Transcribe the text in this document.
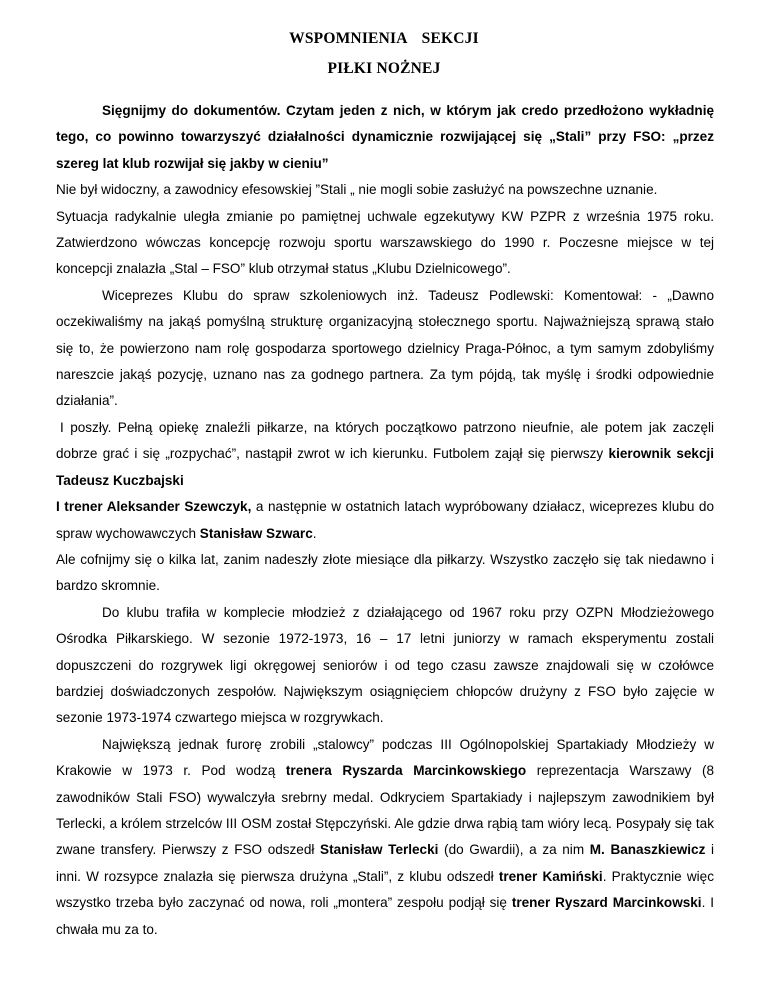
WSPOMNIENIA SEKCJI
PIŁKI NOŻNEJ

Sięgnijmy do dokumentów. Czytam jeden z nich, w którym jak credo przedłożono wykładnię tego, co powinno towarzyszyć działalności dynamicznie rozwijającej się „Stali” przy FSO: „przez szereg lat klub rozwijał się jakby w cieniu”

Nie był widoczny, a zawodnicy efesowskiej ”Stali „ nie mogli sobie zasłużyć na powszechne uznanie.

Sytuacja radykalnie uległa zmianie po pamiętnej uchwale egzekutywy KW PZPR z września 1975 roku. Zatwierdzono wówczas koncepcję rozwoju sportu warszawskiego do 1990 r. Poczesne miejsce w tej koncepcji znalazła „Stal – FSO” klub otrzymał status „Klubu Dzielnicowego”.

Wiceprezes Klubu do spraw szkoleniowych inż. Tadeusz Podlewski: Komentował: - „Dawno oczekiwaliśmy na jakąś pomyślną strukturę organizacyjną stołecznego sportu. Najważniejszą sprawą stało się to, że powierzono nam rolę gospodarza sportowego dzielnicy Praga-Północ, a tym samym zdobyliśmy nareszcie jakąś pozycję, uznano nas za godnego partnera. Za tym pójdą, tak myślę i środki odpowiednie działania”.

I poszły. Pełną opiekę znaleźli piłkarze, na których początkowo patrzono nieufnie, ale potem jak zaczęli dobrze grać i się „rozpychać”, nastąpił zwrot w ich kierunku. Futbolem zajął się pierwszy kierownik sekcji Tadeusz Kuczbajski

I trener Aleksander Szewczyk, a następnie w ostatnich latach wypróbowany działacz, wiceprezes klubu do spraw wychowawczych Stanisław Szwarc.

Ale cofnijmy się o kilka lat, zanim nadeszły złote miesiące dla piłkarzy. Wszystko zaczęło się tak niedawno i bardzo skromnie.

Do klubu trafiła w komplecie młodzież z działającego od 1967 roku przy OZPN Młodzieżowego Ośrodka Piłkarskiego. W sezonie 1972-1973, 16 – 17 letni juniorzy w ramach eksperymentu zostali dopuszczeni do rozgrywek ligi okręgowej seniorów i od tego czasu zawsze znajdowali się w czołówce bardziej doświadczonych zespołów. Największym osiągnięciem chłopców drużyny z FSO było zajęcie w sezonie 1973-1974 czwartego miejsca w rozgrywkach.

Największą jednak furorę zrobili „stalowcy” podczas III Ogólnopolskiej Spartakiady Młodzieży w Krakowie w 1973 r. Pod wodzą trenera Ryszarda Marcinkowskiego reprezentacja Warszawy (8 zawodników Stali FSO) wywalczyła srebrny medal. Odkryciem Spartakiady i najlepszym zawodnikiem był Terlecki, a królem strzelców III OSM został Stępczyński. Ale gdzie drwa rąbią tam wióry lecą. Posypały się tak zwane transfery. Pierwszy z FSO odszedł Stanisław Terlecki (do Gwardii), a za nim M. Banaszkiewicz i inni. W rozsypce znalazła się pierwsza drużyna „Stali”, z klubu odszedł trener Kamiński. Praktycznie więc wszystko trzeba było zaczynać od nowa, roli „montera” zespołu podjął się trener Ryszard Marcinkowski. I chwała mu za to.
